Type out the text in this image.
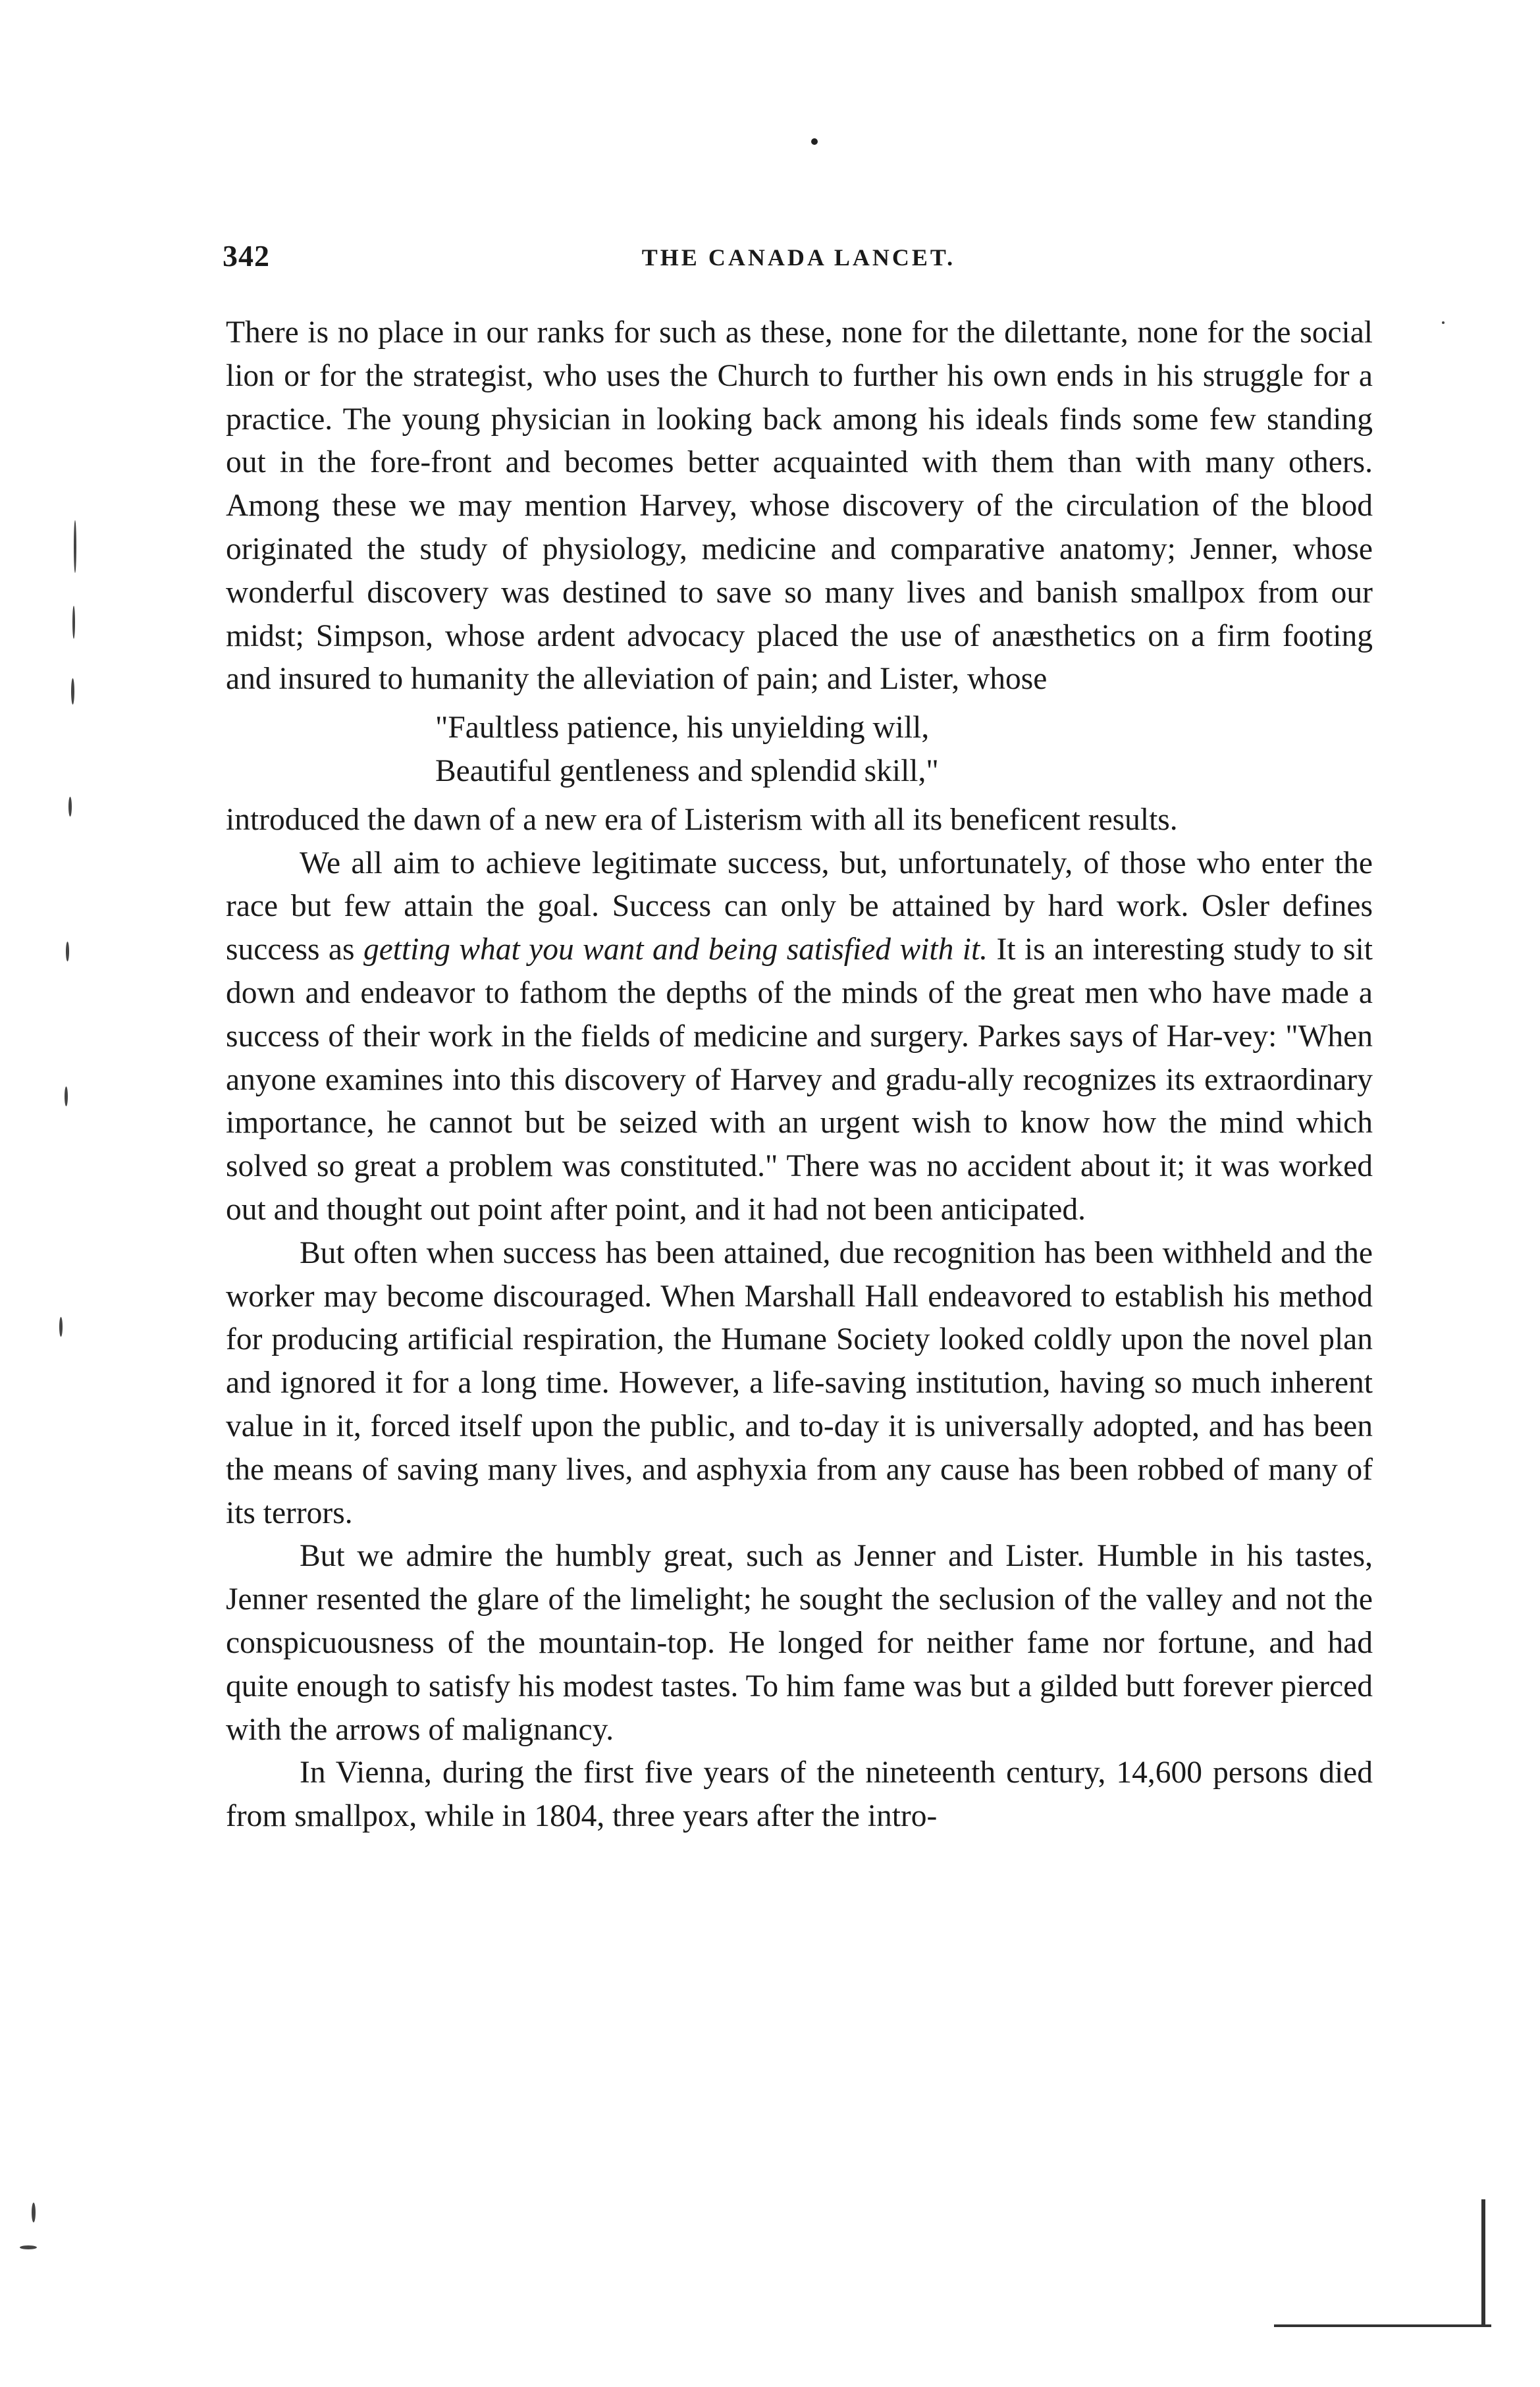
342	THE CANADA LANCET.

There is no place in our ranks for such as these, none for the dilettante, none for the social lion or for the strategist, who uses the Church to further his own ends in his struggle for a practice. The young physician in looking back among his ideals finds some few standing out in the fore-front and becomes better acquainted with them than with many others. Among these we may mention Harvey, whose discovery of the circulation of the blood originated the study of physiology, medicine and comparative anatomy; Jenner, whose wonderful discovery was destined to save so many lives and banish smallpox from our midst; Simpson, whose ardent advocacy placed the use of anæsthetics on a firm footing and insured to humanity the alleviation of pain; and Lister, whose

"Faultless patience, his unyielding will,
Beautiful gentleness and splendid skill,"

introduced the dawn of a new era of Listerism with all its beneficent results.

We all aim to achieve legitimate success, but, unfortunately, of those who enter the race but few attain the goal. Success can only be attained by hard work. Osler defines success as getting what you want and being satisfied with it. It is an interesting study to sit down and endeavor to fathom the depths of the minds of the great men who have made a success of their work in the fields of medicine and surgery. Parkes says of Har-vey: "When anyone examines into this discovery of Harvey and gradu-ally recognizes its extraordinary importance, he cannot but be seized with an urgent wish to know how the mind which solved so great a problem was constituted." There was no accident about it; it was worked out and thought out point after point, and it had not been anticipated.

But often when success has been attained, due recognition has been withheld and the worker may become discouraged. When Marshall Hall endeavored to establish his method for producing artificial respiration, the Humane Society looked coldly upon the novel plan and ignored it for a long time. However, a life-saving institution, having so much inherent value in it, forced itself upon the public, and to-day it is universally adopted, and has been the means of saving many lives, and asphyxia from any cause has been robbed of many of its terrors.

But we admire the humbly great, such as Jenner and Lister. Humble in his tastes, Jenner resented the glare of the limelight; he sought the seclusion of the valley and not the conspicuousness of the mountain-top. He longed for neither fame nor fortune, and had quite enough to satisfy his modest tastes. To him fame was but a gilded butt forever pierced with the arrows of malignancy.

In Vienna, during the first five years of the nineteenth century, 14,600 persons died from smallpox, while in 1804, three years after the intro-
